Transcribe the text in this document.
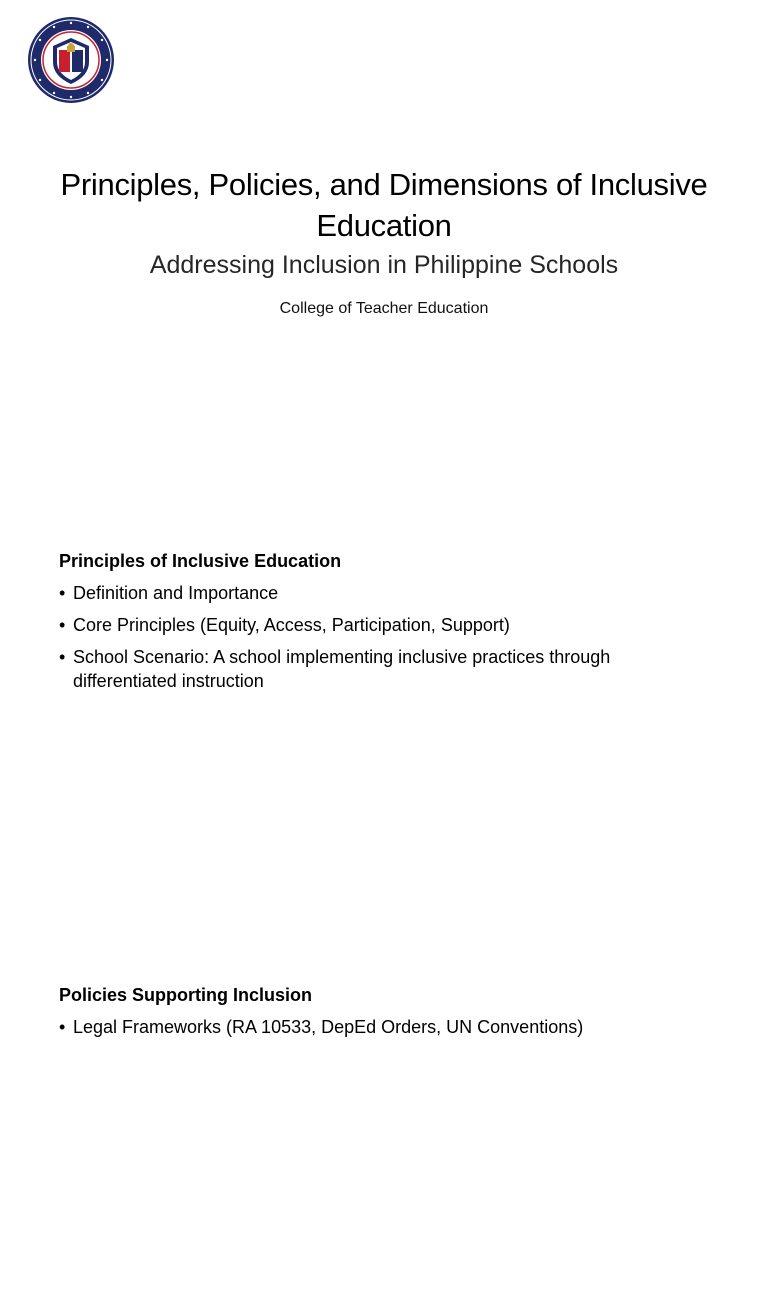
Principles, Policies, and Dimensions of Inclusive Education

Addressing Inclusion in Philippine Schools

College of Teacher Education

Principles of Inclusive Education
• Definition and Importance
• Core Principles (Equity, Access, Participation, Support)
• School Scenario: A school implementing inclusive practices through differentiated instruction
Policies Supporting Inclusion
• Legal Frameworks (RA 10533, DepEd Orders, UN Conventions)
